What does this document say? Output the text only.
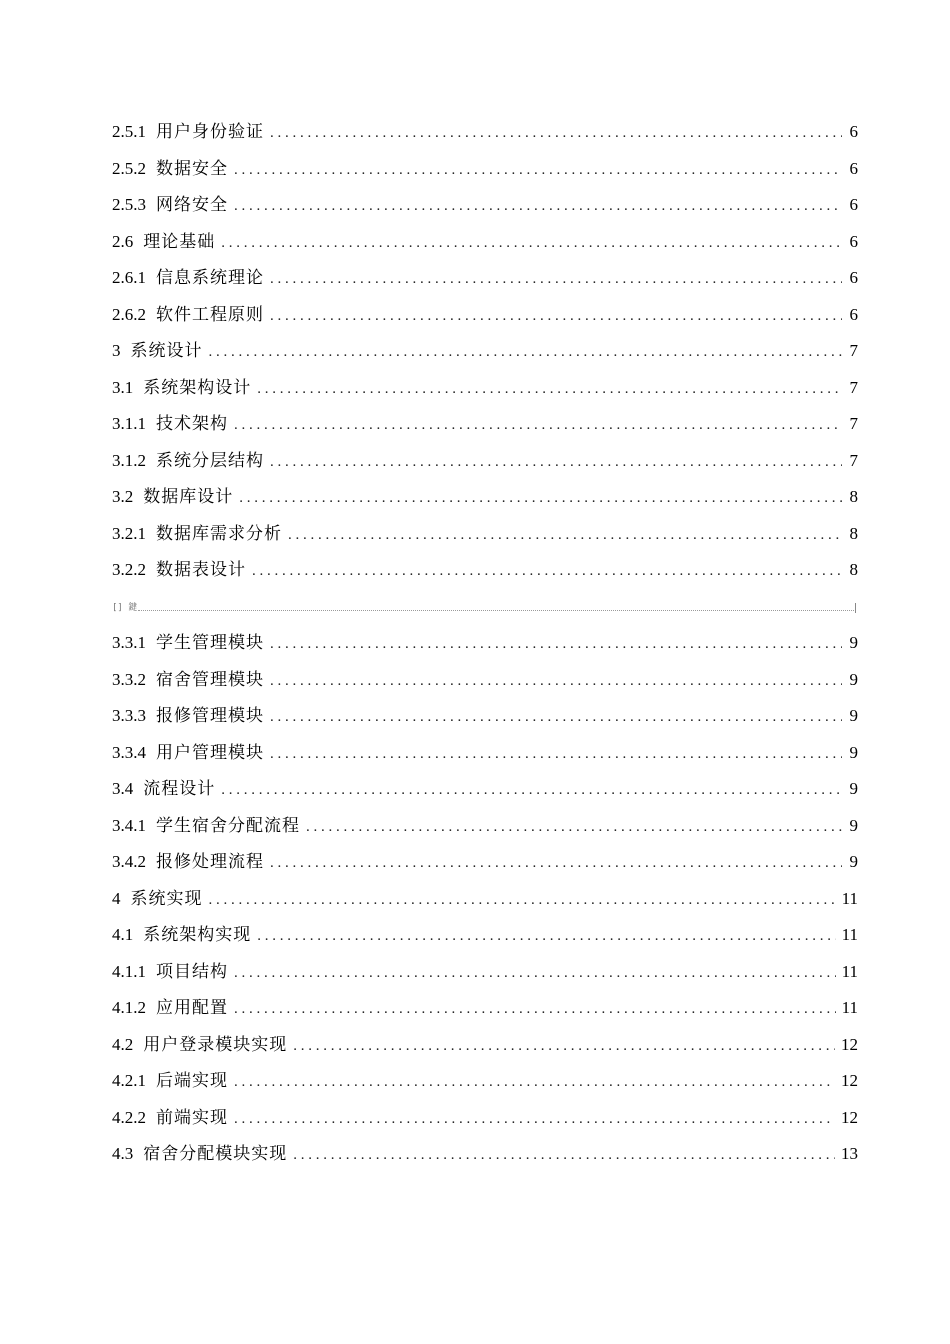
2.5.1 用户身份验证 . . .	6
2.5.2 数据安全 . . .	6
2.5.3 网络安全 . . .	6
2.6 理论基础 . . .	6
2.6.1 信息系统理论 . . .	6
2.6.2 软件工程原则 . . .	6
3 系统设计 . . .	7
3.1 系统架构设计 . . .	7
3.1.1 技术架构 . . .	7
3.1.2 系统分层结构 . . .	7
3.2 数据库设计 . . .	8
3.2.1 数据库需求分析 . . .	8
3.2.2 数据表设计 . . .	8
[] 鍵
3.3.1 学生管理模块 . . .	9
3.3.2 宿舍管理模块 . . .	9
3.3.3 报修管理模块 . . .	9
3.3.4 用户管理模块 . . .	9
3.4 流程设计 . . .	9
3.4.1 学生宿舍分配流程 . . .	9
3.4.2 报修处理流程 . . .	9
4 系统实现 . . .	11
4.1 系统架构实现 . . .	11
4.1.1 项目结构 . . .	11
4.1.2 应用配置 . . .	11
4.2 用户登录模块实现 . . .	12
4.2.1 后端实现 . . .	12
4.2.2 前端实现 . . .	12
4.3 宿舍分配模块实现 . . .	13
